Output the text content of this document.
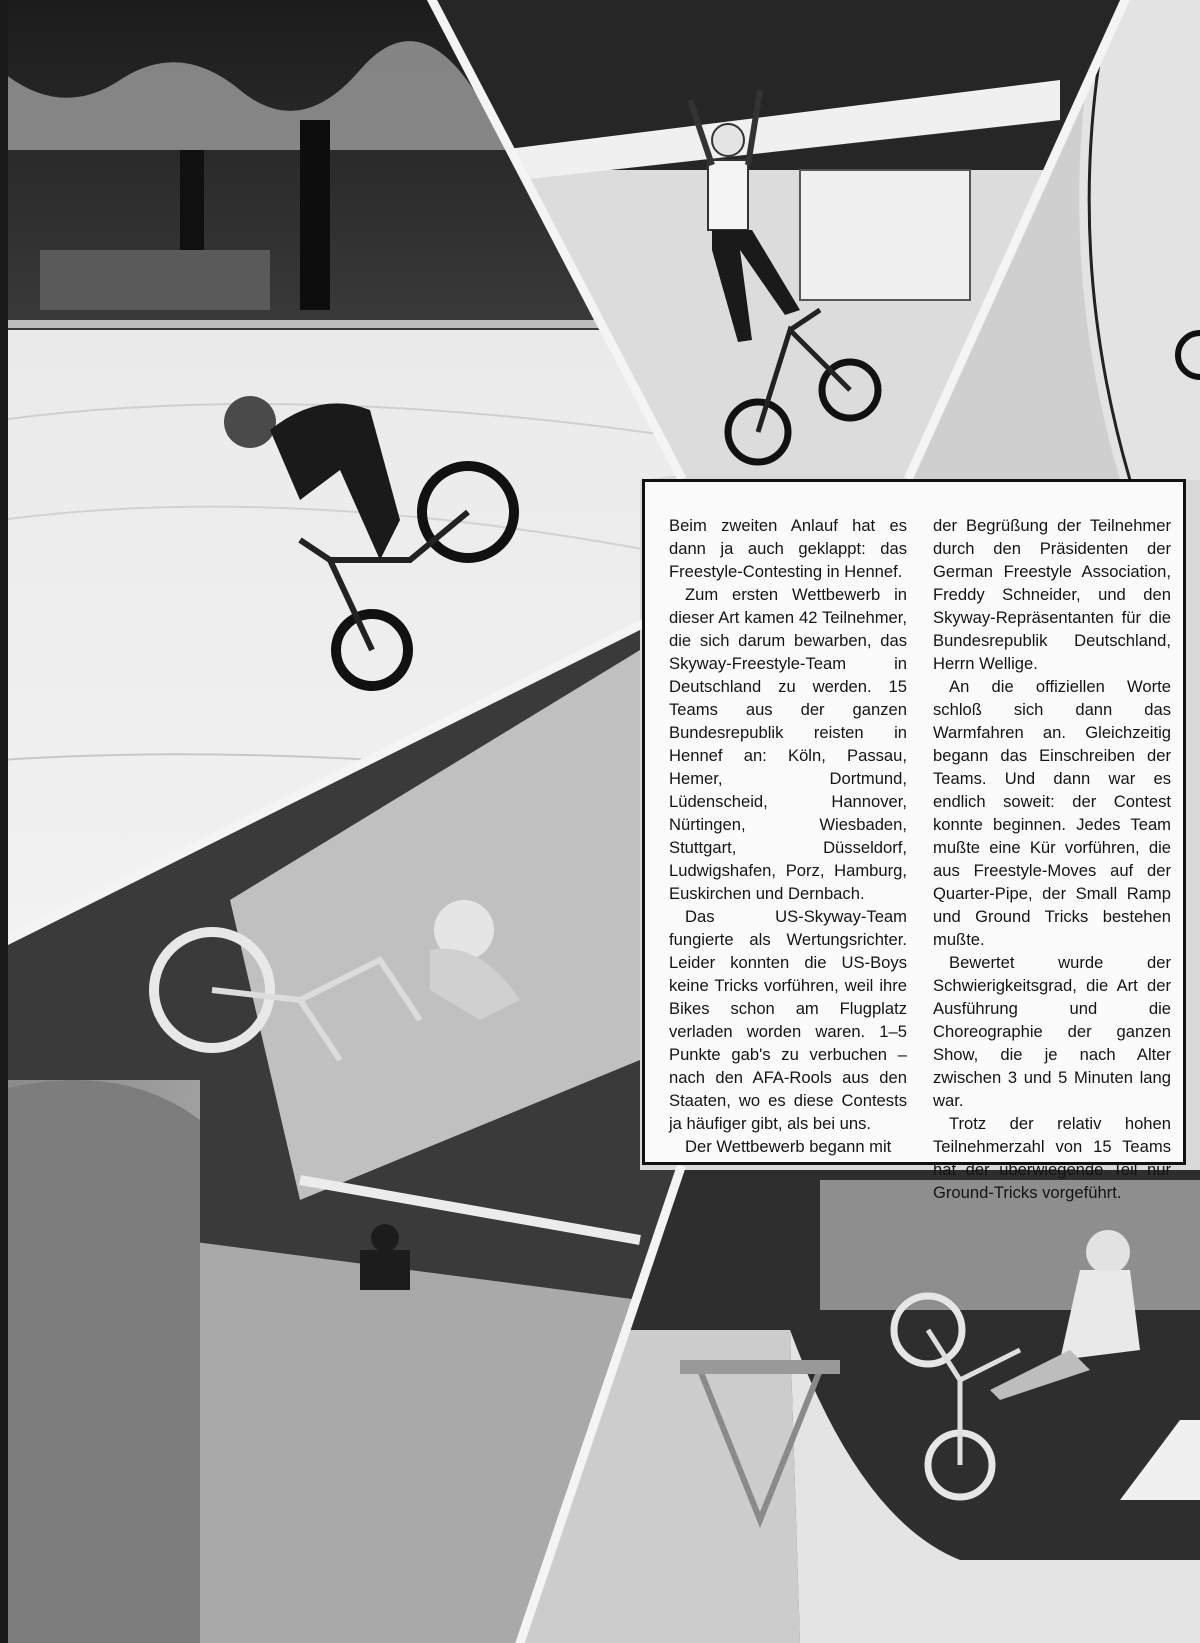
Beim zweiten Anlauf hat es dann ja auch geklappt: das Freestyle-Contesting in Hennef.

Zum ersten Wettbewerb in dieser Art kamen 42 Teilnehmer, die sich darum bewarben, das Skyway-Freestyle-Team in Deutschland zu werden. 15 Teams aus der ganzen Bundesrepublik reisten in Hennef an: Köln, Passau, Hemer, Dortmund, Lüdenscheid, Hannover, Nürtingen, Wiesbaden, Stuttgart, Düsseldorf, Ludwigshafen, Porz, Hamburg, Euskirchen und Dernbach.

Das US-Skyway-Team fungierte als Wertungsrichter. Leider konnten die US-Boys keine Tricks vorführen, weil ihre Bikes schon am Flugplatz verladen worden waren. 1–5 Punkte gab's zu verbuchen – nach den AFA-Rools aus den Staaten, wo es diese Contests ja häufiger gibt, als bei uns.

Der Wettbewerb begann mit

der Begrüßung der Teilnehmer durch den Präsidenten der German Freestyle Association, Freddy Schneider, und den Skyway-Repräsentanten für die Bundesrepublik Deutschland, Herrn Wellige.

An die offiziellen Worte schloß sich dann das Warmfahren an. Gleichzeitig begann das Einschreiben der Teams. Und dann war es endlich soweit: der Contest konnte beginnen. Jedes Team mußte eine Kür vorführen, die aus Freestyle-Moves auf der Quarter-Pipe, der Small Ramp und Ground Tricks bestehen mußte.

Bewertet wurde der Schwierigkeitsgrad, die Art der Ausführung und die Choreographie der ganzen Show, die je nach Alter zwischen 3 und 5 Minuten lang war.

Trotz der relativ hohen Teilnehmerzahl von 15 Teams hat der überwiegende Teil nur Ground-Tricks vorgeführt.
